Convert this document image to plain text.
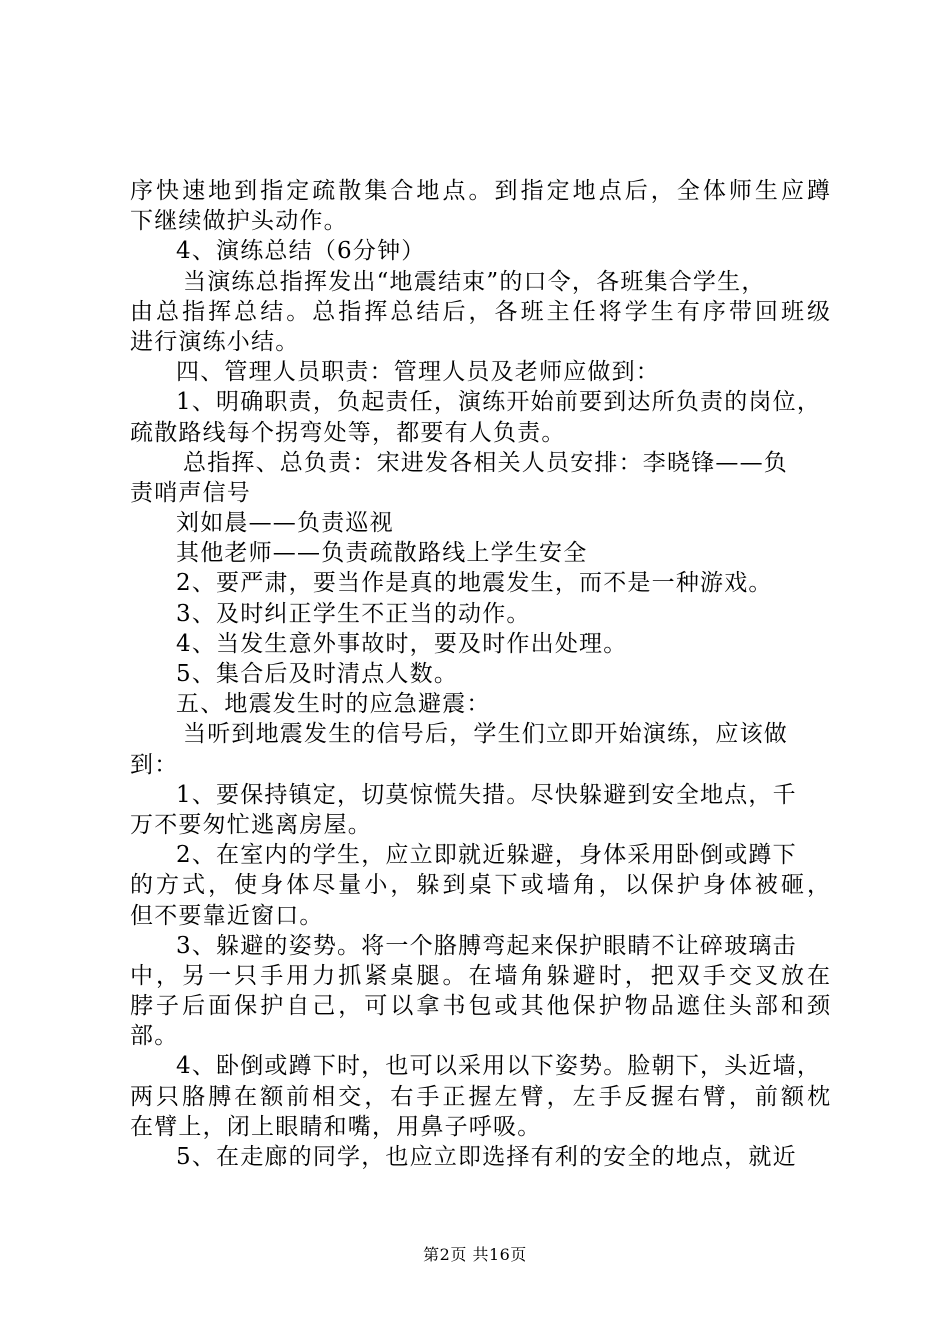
序快速地到指定疏散集合地点。到指定地点后，全体师生应蹲
下继续做护头动作。
4、演练总结（6分钟）
当演练总指挥发出“地震结束”的口令，各班集合学生，
由总指挥总结。总指挥总结后，各班主任将学生有序带回班级
进行演练小结。
四、管理人员职责：管理人员及老师应做到：
1、明确职责，负起责任，演练开始前要到达所负责的岗位，
疏散路线每个拐弯处等，都要有人负责。
总指挥、总负责：宋进发各相关人员安排：李晓锋——负
责哨声信号
刘如晨——负责巡视
其他老师——负责疏散路线上学生安全
2、要严肃，要当作是真的地震发生，而不是一种游戏。
3、及时纠正学生不正当的动作。
4、当发生意外事故时，要及时作出处理。
5、集合后及时清点人数。
五、地震发生时的应急避震：
当听到地震发生的信号后，学生们立即开始演练，应该做
到：
1、要保持镇定，切莫惊慌失措。尽快躲避到安全地点，千
万不要匆忙逃离房屋。
2、在室内的学生，应立即就近躲避，身体采用卧倒或蹲下
的方式，使身体尽量小，躲到桌下或墙角，以保护身体被砸，
但不要靠近窗口。
3、躲避的姿势。将一个胳膊弯起来保护眼睛不让碎玻璃击
中，另一只手用力抓紧桌腿。在墙角躲避时，把双手交叉放在
脖子后面保护自己，可以拿书包或其他保护物品遮住头部和颈
部。
4、卧倒或蹲下时，也可以采用以下姿势。脸朝下，头近墙，
两只胳膊在额前相交，右手正握左臂，左手反握右臂，前额枕
在臂上，闭上眼睛和嘴，用鼻子呼吸。
5、在走廊的同学，也应立即选择有利的安全的地点，就近
第2页 共16页
